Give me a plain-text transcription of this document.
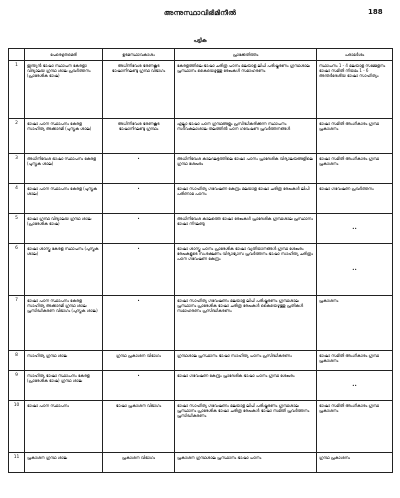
അന്നുസ്ഥാവിഭിമിനീൽ	188
പട്ടിക
	പേരെഴുതമെരി	ഉടമസ്ഥാവകാശം	പ്രാക്കേതിത്തം	പരാമര്‍ശം
1	ഇന്ത്യൻ ഭാഷാ സ്ഥാപന കേരളാ വിദ്യാലയ ഗ്രന്ഥ ശാല പ്രവർത്തനം (പ്രാദേശിക ഭാഷ)	അധിനിവേശ ഭരണകൂട ഭാഷാനിഘണ്ടു ഗ്രന്ഥ വിഭാഗം	കേരളത്തിലെ ഭാഷാ ചരിത്ര പഠനം മലയാള ലിപി പരിഷ്കരണം ഗ്രന്ഥശാല പ്രസ്ഥാനം കൈയെഴുത്തു രേഖകൾ സമാഹരണം	സ്ഥാപനം 1 - 4 മലയാള സമ്മേളനം ഭാഷാ സമിതി നിയമം 1 - 6 അന്തർദേശീയ ഭാഷാ സാഹിത്യം
2	ഭാഷാ പഠന സ്ഥാപനം കേരള സാഹിത്യ അക്കാദമി (പുസ്തക ശാല)	അധിനിവേശ ഭരണകൂട ഭാഷാനിഘണ്ടു ഗ്രന്ഥം	എല്ലാ ഭാഷാ പഠന ഗ്രന്ഥങ്ങളും പ്രസിദ്ധീകരിക്കുന്ന സ്ഥാപനം സർവകലാശാല തലത്തിൽ പഠന ഗവേഷണ പ്രവർത്തനങ്ങൾ	ഭാഷാ സമിതി അംഗീകാരം ഗ്രന്ഥ പ്രകാശനം
3	അധിനിവേശ ഭാഷാ സ്ഥാപനം കേരള (പുസ്തക ശാല)	•	അധിനിവേശ കാലഘട്ടത്തിലെ ഭാഷാ പഠനം പ്രാദേശിക വിദ്യാലയങ്ങളിലെ ഗ്രന്ഥ ശേഖരം	ഭാഷാ സമിതി അംഗീകാരം ഗ്രന്ഥ പ്രകാശനം
4	ഭാഷാ പഠന സ്ഥാപനം കേരള (പുസ്തക ശാല)	•	ഭാഷാ സാഹിത്യ ഗവേഷണ കേന്ദ്രം മലയാള ഭാഷാ ചരിത്ര രേഖകൾ ലിപി പരിണാമ പഠനം	ഭാഷാ ഗവേഷണ പ്രവർത്തനം
5	ഭാഷാ ഗ്രന്ഥ വിദ്യാലയ ഗ്രന്ഥ ശാല (പ്രാദേശിക ഭാഷ)	•	അധിനിവേശ കാലത്തെ ഭാഷാ രേഖകൾ പ്രാദേശിക ഗ്രന്ഥശാല പ്രസ്ഥാനം ഭാഷാ നിഘണ്ടു	••
6	ഭാഷാ ശാസ്ത്ര കേരള സ്ഥാപനം (പുസ്തക ശാല)	•	ഭാഷാ ശാസ്ത്ര പഠനം പ്രാദേശിക ഭാഷാ വ്യതിയാനങ്ങൾ ഗ്രന്ഥ ശേഖരം രേഖകളുടെ സംരക്ഷണം വിദ്യാഭ്യാസ പ്രവർത്തനം ഭാഷാ സാഹിത്യ ചരിത്രം പഠന ഗവേഷണ കേന്ദ്രം	••
7	ഭാഷാ പഠന സ്ഥാപനം കേരള സാഹിത്യ അക്കാദമി ഗ്രന്ഥ ശാല പ്രസിദ്ധീകരണ വിഭാഗം (പുസ്തക ശാല)	•	ഭാഷാ സാഹിത്യ ഗവേഷണം മലയാള ലിപി പരിഷ്കരണം ഗ്രന്ഥശാല പ്രസ്ഥാനം പ്രാദേശിക ഭാഷാ ചരിത്ര രേഖകൾ കൈയെഴുത്തു പ്രതികൾ സമാഹരണം പ്രസിദ്ധീകരണം	പ്രകാശനം
8	സാഹിത്യ ഗ്രന്ഥ ശാല	ഗ്രന്ഥ പ്രകാശന വിഭാഗം	ഗ്രന്ഥശാല പ്രസ്ഥാനം ഭാഷാ സാഹിത്യ പഠനം പ്രസിദ്ധീകരണം	ഭാഷാ സമിതി അംഗീകാരം ഗ്രന്ഥ പ്രകാശനം
9	സാഹിത്യ ഭാഷാ സ്ഥാപനം കേരള (പ്രാദേശിക ഭാഷ) ഗ്രന്ഥ ശാല	•	ഭാഷാ ഗവേഷണ കേന്ദ്രം പ്രാദേശിക ഭാഷാ പഠനം ഗ്രന്ഥ ശേഖരം	••
10	ഭാഷാ പഠന സ്ഥാപനം	ഭാഷാ പ്രകാശന വിഭാഗം	ഭാഷാ സാഹിത്യ ഗവേഷണം മലയാള ലിപി പരിഷ്കരണം ഗ്രന്ഥശാല പ്രസ്ഥാനം പ്രാദേശിക ഭാഷാ ചരിത്ര രേഖകൾ ഭാഷാ സമിതി പ്രവർത്തനം പ്രസിദ്ധീകരണം	ഭാഷാ സമിതി അംഗീകാരം ഗ്രന്ഥ പ്രകാശനം
11	പ്രകാശന ഗ്രന്ഥ ശാല	പ്രകാശന വിഭാഗം	പ്രകാശന ഗ്രന്ഥശാല പ്രസ്ഥാനം ഭാഷാ പഠനം	ഗ്രന്ഥ പ്രകാശനം
